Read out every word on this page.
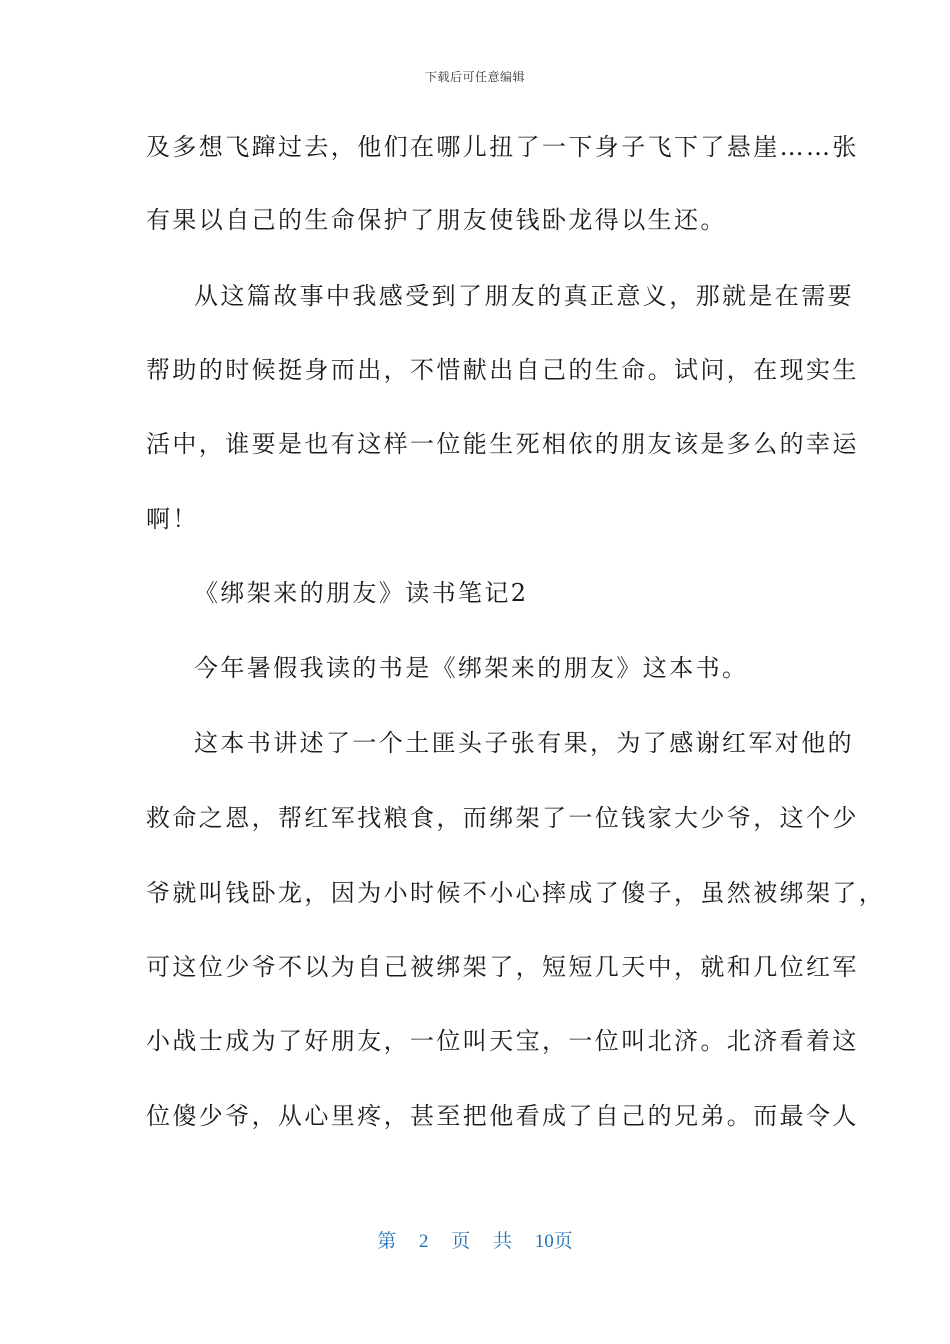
下载后可任意编辑
及多想飞蹿过去，他们在哪儿扭了一下身子飞下了悬崖……张
有果以自己的生命保护了朋友使钱卧龙得以生还。
从这篇故事中我感受到了朋友的真正意义，那就是在需要
帮助的时候挺身而出，不惜献出自己的生命。试问，在现实生
活中，谁要是也有这样一位能生死相依的朋友该是多么的幸运
啊！
《绑架来的朋友》读书笔记2
今年暑假我读的书是《绑架来的朋友》这本书。
这本书讲述了一个土匪头子张有果，为了感谢红军对他的
救命之恩，帮红军找粮食，而绑架了一位钱家大少爷，这个少
爷就叫钱卧龙，因为小时候不小心摔成了傻子，虽然被绑架了，
可这位少爷不以为自己被绑架了，短短几天中，就和几位红军
小战士成为了好朋友，一位叫天宝，一位叫北济。北济看着这
位傻少爷，从心里疼，甚至把他看成了自己的兄弟。而最令人
第 2 页 共 10页
